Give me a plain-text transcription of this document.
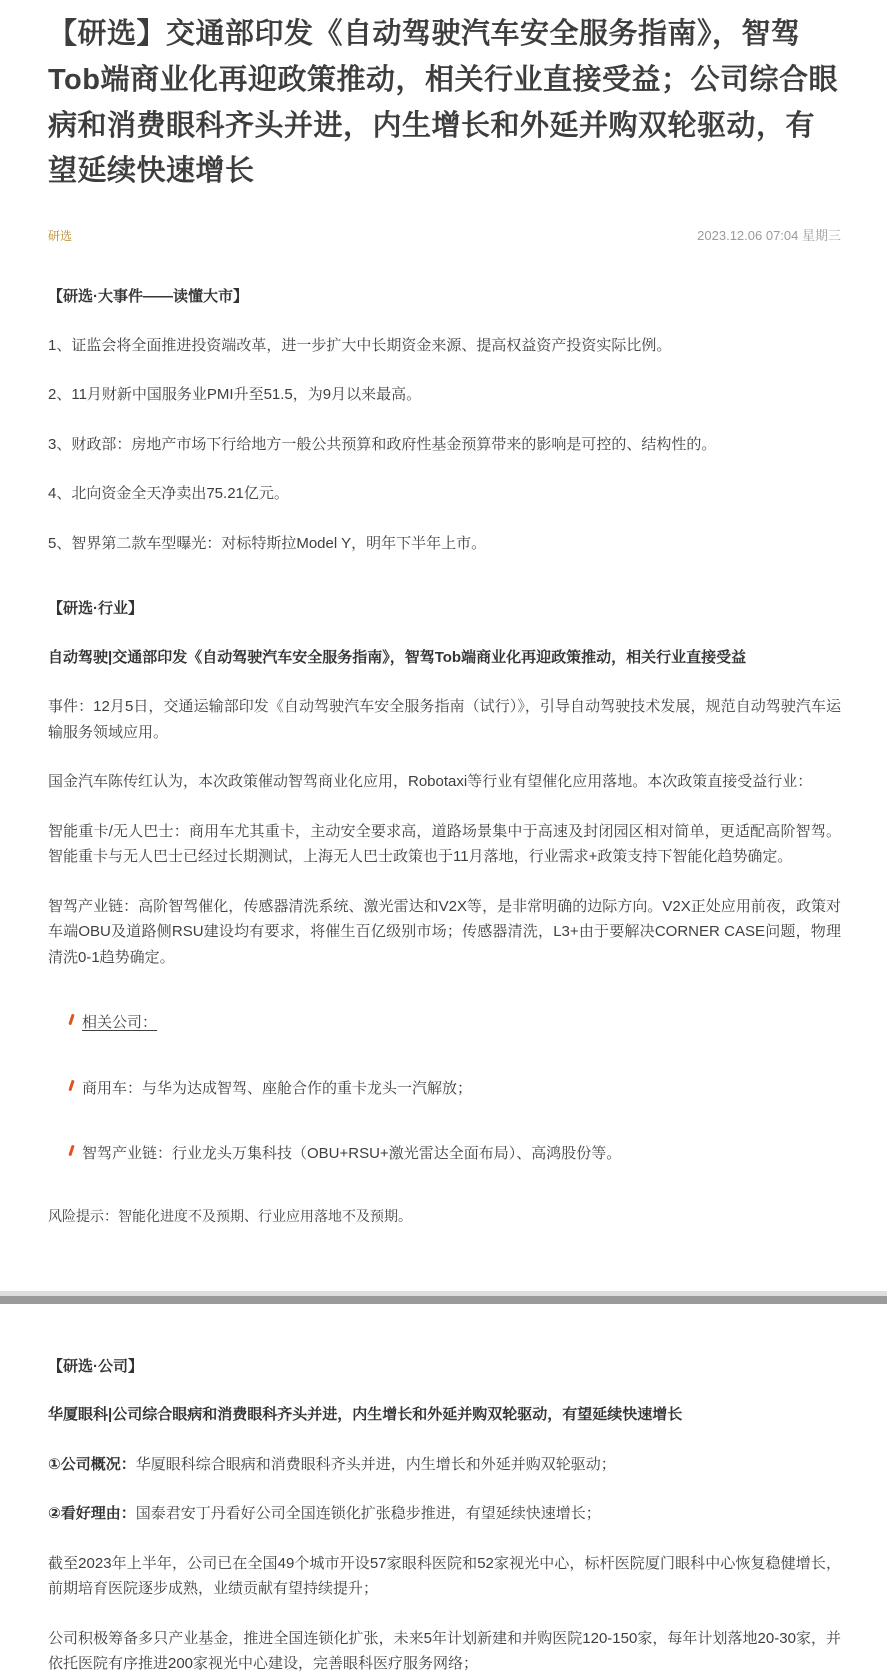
【研选】交通部印发《自动驾驶汽车安全服务指南》，智驾Tob端商业化再迎政策推动，相关行业直接受益；公司综合眼病和消费眼科齐头并进，内生增长和外延并购双轮驱动，有望延续快速增长
研选	2023.12.06 07:04 星期三
【研选·大事件——读懂大市】

1、证监会将全面推进投资端改革，进一步扩大中长期资金来源、提高权益资产投资实际比例。

2、11月财新中国服务业PMI升至51.5，为9月以来最高。

3、财政部：房地产市场下行给地方一般公共预算和政府性基金预算带来的影响是可控的、结构性的。

4、北向资金全天净卖出75.21亿元。

5、智界第二款车型曝光：对标特斯拉Model Y，明年下半年上市。

【研选·行业】

自动驾驶|交通部印发《自动驾驶汽车安全服务指南》，智驾Tob端商业化再迎政策推动，相关行业直接受益

事件：12月5日，交通运输部印发《自动驾驶汽车安全服务指南（试行）》，引导自动驾驶技术发展，规范自动驾驶汽车运输服务领域应用。

国金汽车陈传红认为，本次政策催动智驾商业化应用，Robotaxi等行业有望催化应用落地。本次政策直接受益行业：

智能重卡/无人巴士：商用车尤其重卡，主动安全要求高，道路场景集中于高速及封闭园区相对简单，更适配高阶智驾。智能重卡与无人巴士已经过长期测试，上海无人巴士政策也于11月落地，行业需求+政策支持下智能化趋势确定。

智驾产业链：高阶智驾催化，传感器清洗系统、激光雷达和V2X等，是非常明确的边际方向。V2X正处应用前夜，政策对车端OBU及道路侧RSU建设均有要求，将催生百亿级别市场；传感器清洗，L3+由于要解决CORNER CASE问题，物理清洗0-1趋势确定。

相关公司：
商用车：与华为达成智驾、座舱合作的重卡龙头一汽解放；
智驾产业链：行业龙头万集科技（OBU+RSU+激光雷达全面布局）、高鸿股份等。

风险提示：智能化进度不及预期、行业应用落地不及预期。

【研选·公司】

华厦眼科|公司综合眼病和消费眼科齐头并进，内生增长和外延并购双轮驱动，有望延续快速增长

①公司概况：华厦眼科综合眼病和消费眼科齐头并进，内生增长和外延并购双轮驱动；

②看好理由：国泰君安丁丹看好公司全国连锁化扩张稳步推进，有望延续快速增长；

截至2023年上半年，公司已在全国49个城市开设57家眼科医院和52家视光中心，标杆医院厦门眼科中心恢复稳健增长，前期培育医院逐步成熟，业绩贡献有望持续提升；

公司积极筹备多只产业基金，推进全国连锁化扩张，未来5年计划新建和并购医院120-150家，每年计划落地20-30家，并依托医院有序推进200家视光中心建设，完善眼科医疗服务网络；
